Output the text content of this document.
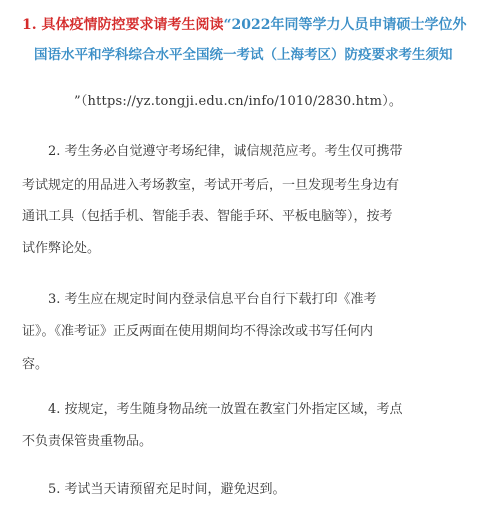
1. 具体疫情防控要求请考生阅读“2022年同等学力人员申请硕士学位外
国语水平和学科综合水平全国统一考试（上海考区）防疫要求考生须知
”（https://yz.tongji.edu.cn/info/1010/2830.htm）。
2. 考生务必自觉遵守考场纪律，诚信规范应考。考生仅可携带
考试规定的用品进入考场教室，考试开考后，一旦发现考生身边有
通讯工具（包括手机、智能手表、智能手环、平板电脑等），按考
试作弊论处。
3. 考生应在规定时间内登录信息平台自行下载打印《准考
证》。《准考证》正反两面在使用期间均不得涂改或书写任何内
容。
4. 按规定，考生随身物品统一放置在教室门外指定区域，考点
不负责保管贵重物品。
5. 考试当天请预留充足时间，避免迟到。
